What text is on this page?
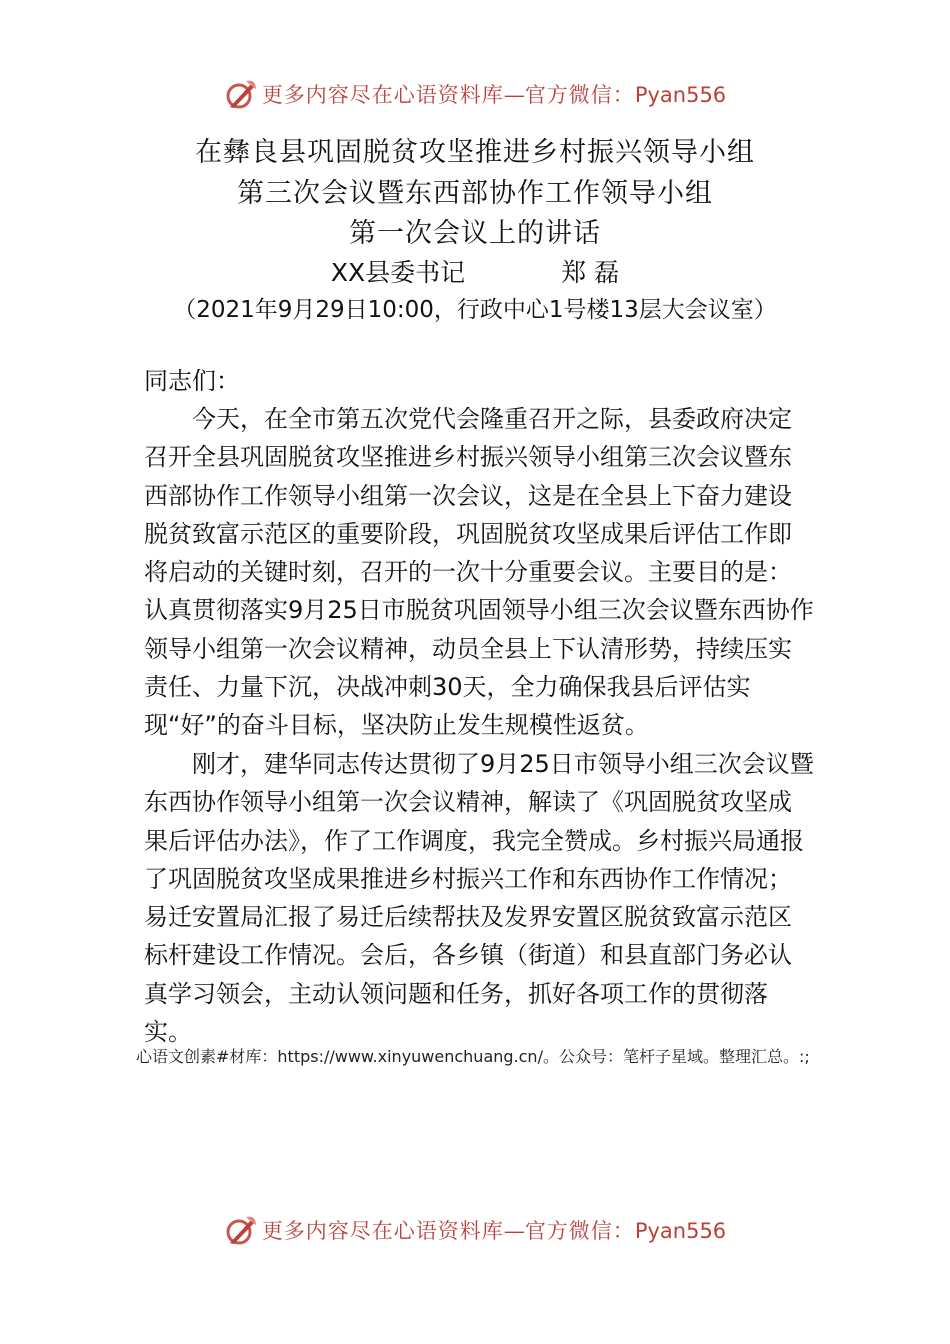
更多内容尽在心语资料库—官方微信：Pyan556
在彝良县巩固脱贫攻坚推进乡村振兴领导小组
第三次会议暨东西部协作工作领导小组
第一次会议上的讲话
XX县委书记	郑 磊
（2021年9月29日10:00，行政中心1号楼13层大会议室）
同志们：
今天，在全市第五次党代会隆重召开之际，县委政府决定召开全县巩固脱贫攻坚推进乡村振兴领导小组第三次会议暨东西部协作工作领导小组第一次会议，这是在全县上下奋力建设脱贫致富示范区的重要阶段，巩固脱贫攻坚成果后评估工作即将启动的关键时刻，召开的一次十分重要会议。主要目的是：认真贯彻落实9月25日市脱贫巩固领导小组三次会议暨东西协作领导小组第一次会议精神，动员全县上下认清形势，持续压实责任、力量下沉，决战冲刺30天，全力确保我县后评估实现“好”的奋斗目标，坚决防止发生规模性返贫。
刚才，建华同志传达贯彻了9月25日市领导小组三次会议暨东西协作领导小组第一次会议精神，解读了《巩固脱贫攻坚成果后评估办法》，作了工作调度，我完全赞成。乡村振兴局通报了巩固脱贫攻坚成果推进乡村振兴工作和东西协作工作情况；易迁安置局汇报了易迁后续帮扶及发界安置区脱贫致富示范区标杆建设工作情况。会后，各乡镇（街道）和县直部门务必认真学习领会，主动认领问题和任务，抓好各项工作的贯彻落实。
心语文创素#材库：https://www.xinyuwenchuang.cn/。公众号：笔杆子星域。整理汇总。:;
更多内容尽在心语资料库—官方微信：Pyan556
